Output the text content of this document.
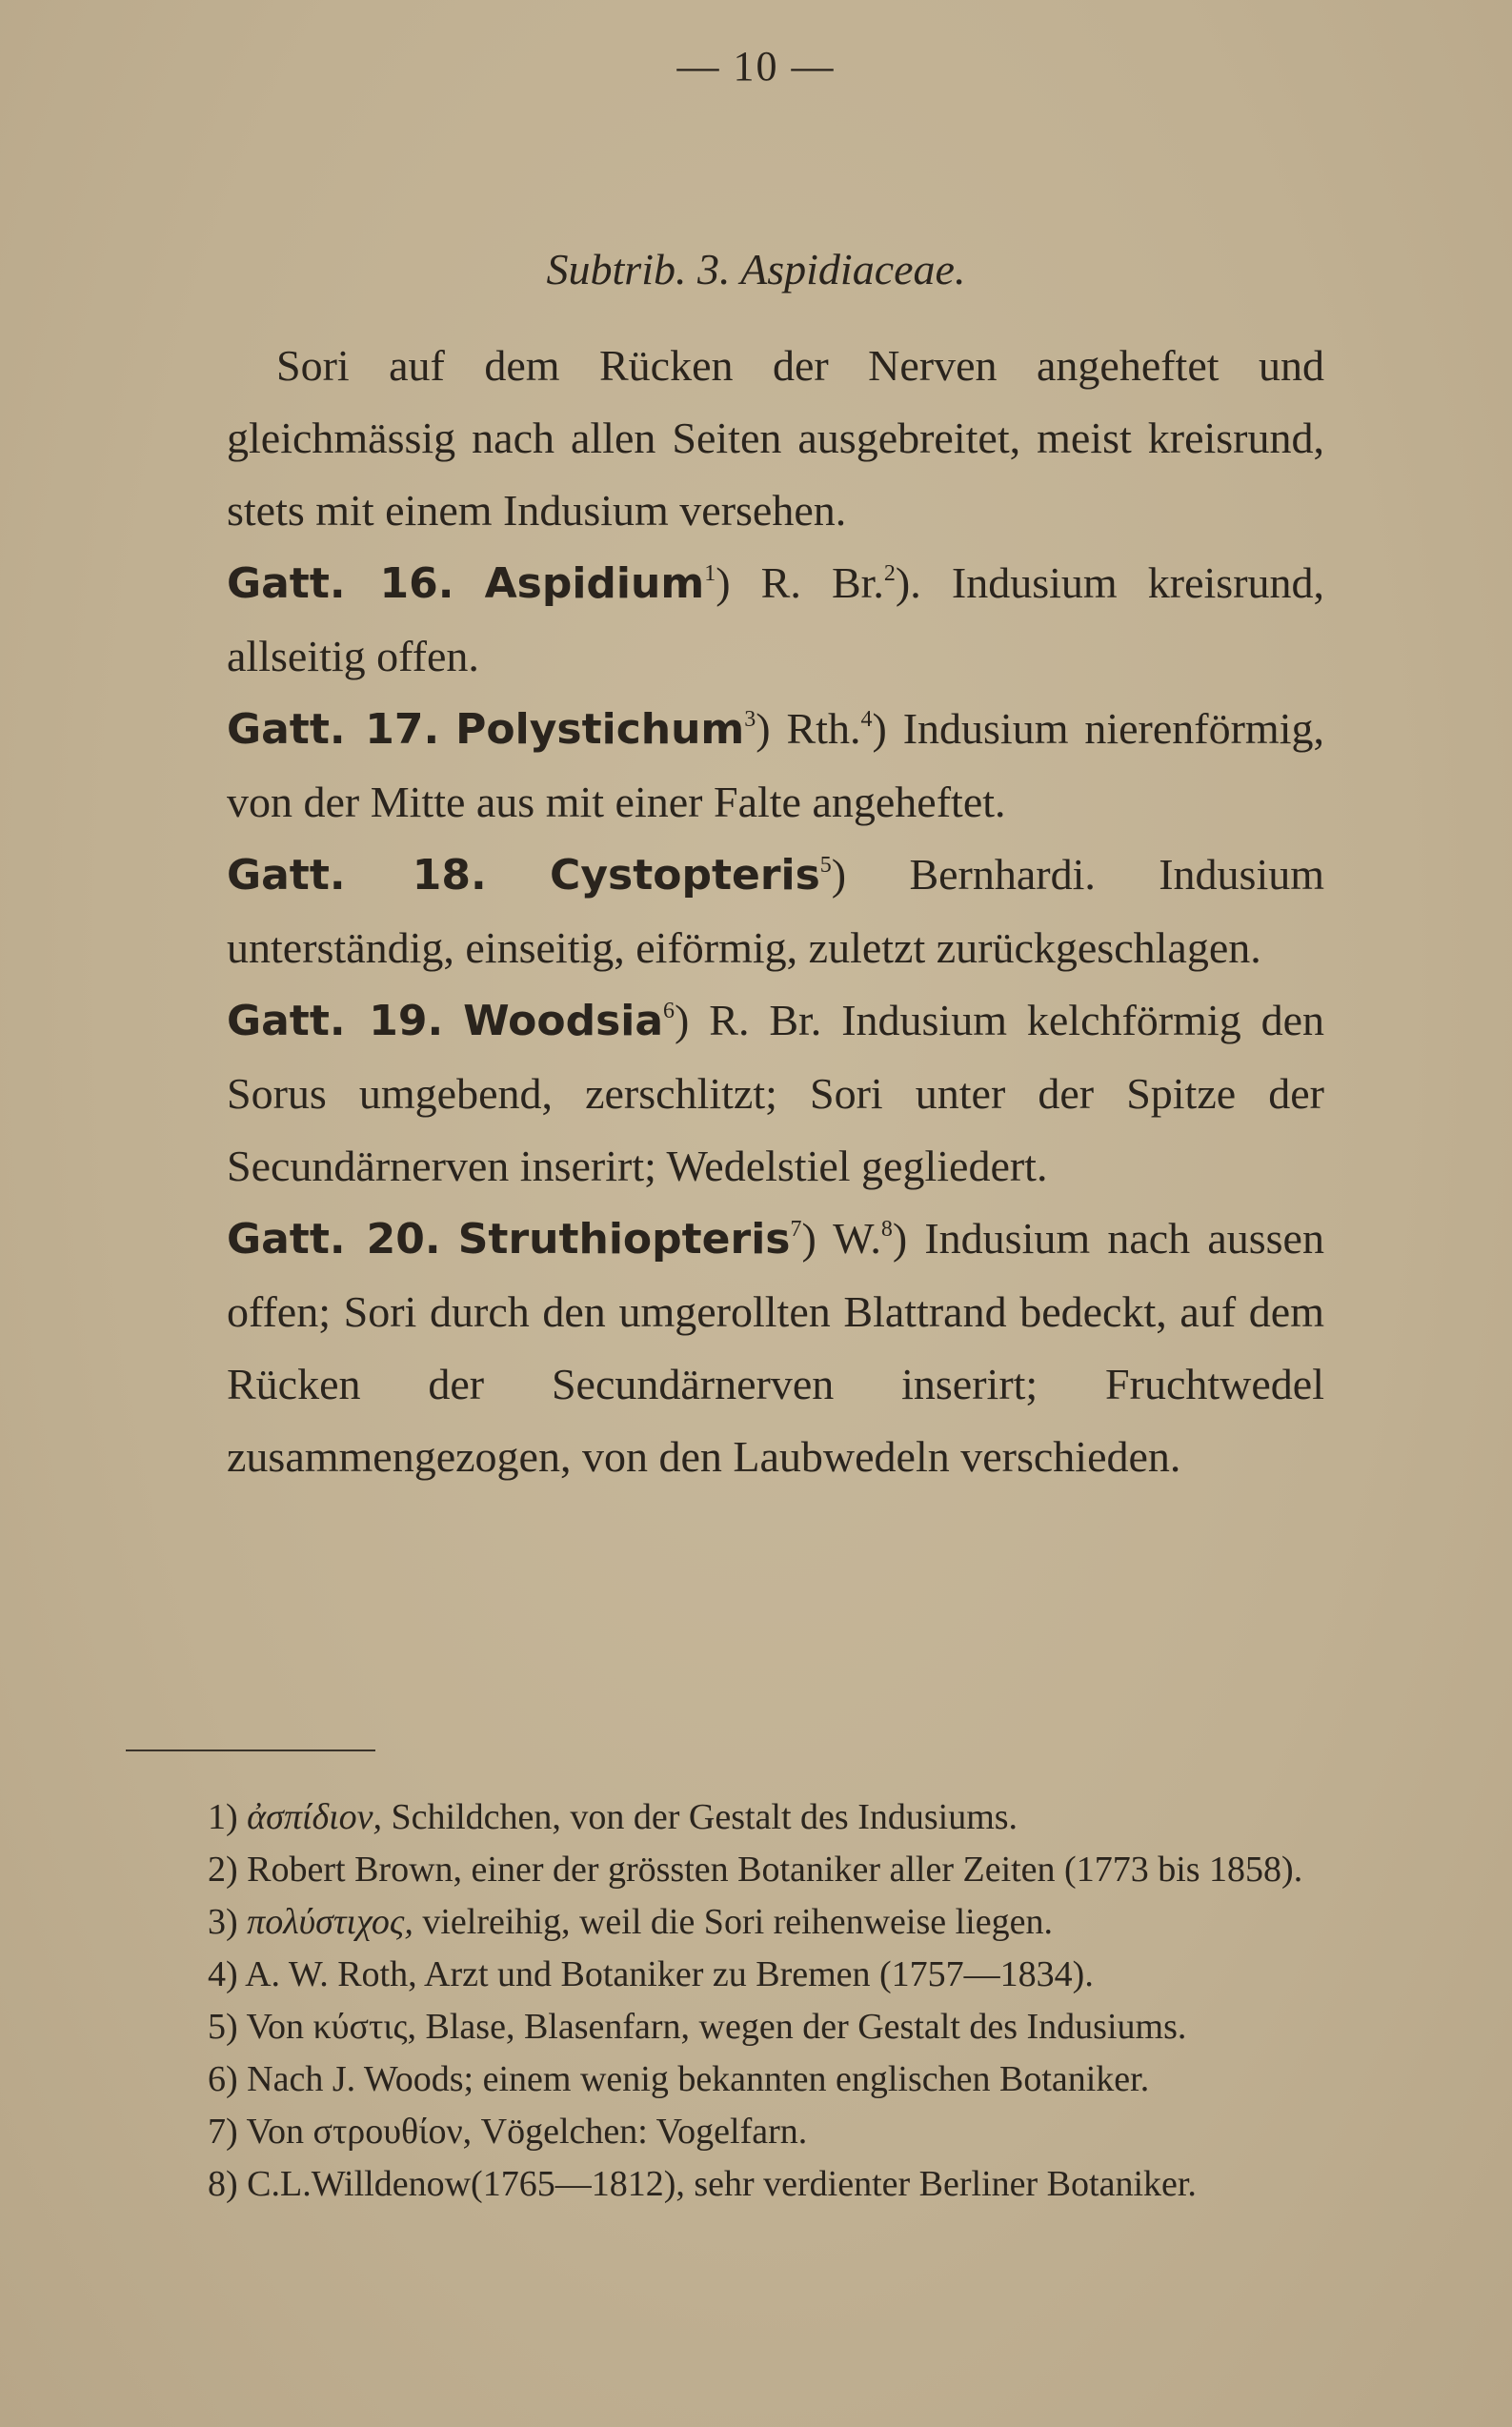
— 10 —
Subtrib. 3. Aspidiaceae.
Sori auf dem Rücken der Nerven angeheftet und gleichmässig nach allen Seiten ausgebreitet, meist kreisrund, stets mit einem Indusium versehen.

Gatt. 16. Aspidium$^1$) R. Br.$^2$). Indusium kreisrund, allseitig offen.

Gatt. 17. Polystichum$^3$) Rth.$^4$) Indusium nierenförmig, von der Mitte aus mit einer Falte angeheftet.

Gatt. 18. Cystopteris$^5$) Bernhardi. Indusium unterständig, einseitig, eiförmig, zuletzt zurückgeschlagen.

Gatt. 19. Woodsia$^6$) R. Br. Indusium kelchförmig den Sorus umgebend, zerschlitzt; Sori unter der Spitze der Secundärnerven inserirt; Wedelstiel gegliedert.

Gatt. 20. Struthiopteris$^7$) W.$^8$) Indusium nach aussen offen; Sori durch den umgerollten Blattrand bedeckt, auf dem Rücken der Secundärnerven inserirt; Fruchtwedel zusammengezogen, von den Laubwedeln verschieden.

1) ἀσπίδιον, Schildchen, von der Gestalt des Indusiums.

2) Robert Brown, einer der grössten Botaniker aller Zeiten (1773 bis 1858).

3) πολύστιχος, vielreihig, weil die Sori reihenweise liegen.

4) A. W. Roth, Arzt und Botaniker zu Bremen (1757—1834).

5) Von κύστις, Blase, Blasenfarn, wegen der Gestalt des Indusiums.

6) Nach J. Woods; einem wenig bekannten englischen Botaniker.

7) Von στρουθίον, Vögelchen: Vogelfarn.

8) C.L.Willdenow(1765—1812), sehr verdienter Berliner Botaniker.
